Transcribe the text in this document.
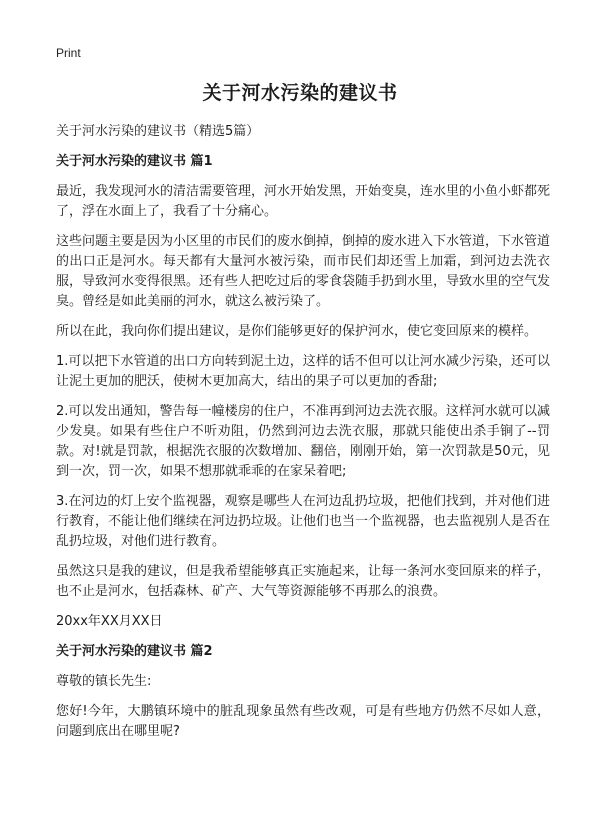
Print
关于河水污染的建议书
关于河水污染的建议书（精选5篇）
关于河水污染的建议书 篇1

最近，我发现河水的清洁需要管理，河水开始发黑，开始变臭，连水里的小鱼小虾都死了，浮在水面上了，我看了十分痛心。

这些问题主要是因为小区里的市民们的废水倒掉，倒掉的废水进入下水管道，下水管道的出口正是河水。每天都有大量河水被污染，而市民们却还雪上加霜，到河边去洗衣服，导致河水变得很黑。还有些人把吃过后的零食袋随手扔到水里，导致水里的空气发臭。曾经是如此美丽的河水，就这么被污染了。

所以在此，我向你们提出建议，是你们能够更好的保护河水，使它变回原来的模样。

1.可以把下水管道的出口方向转到泥土边，这样的话不但可以让河水减少污染，还可以让泥土更加的肥沃，使树木更加高大，结出的果子可以更加的香甜;

2.可以发出通知，警告每一幢楼房的住户，不准再到河边去洗衣服。这样河水就可以减少发臭。如果有些住户不听劝阻，仍然到河边去洗衣服，那就只能使出杀手锏了--罚款。对!就是罚款，根据洗衣服的次数增加、翻倍，刚刚开始，第一次罚款是50元，见到一次，罚一次，如果不想那就乖乖的在家呆着吧;

3.在河边的灯上安个监视器，观察是哪些人在河边乱扔垃圾，把他们找到，并对他们进行教育，不能让他们继续在河边扔垃圾。让他们也当一个监视器，也去监视别人是否在乱扔垃圾，对他们进行教育。

虽然这只是我的建议，但是我希望能够真正实施起来，让每一条河水变回原来的样子，也不止是河水，包括森林、矿产、大气等资源能够不再那么的浪费。

20xx年XX月XX日
关于河水污染的建议书 篇2

尊敬的镇长先生:

您好!今年，大鹏镇环境中的脏乱现象虽然有些改观，可是有些地方仍然不尽如人意，问题到底出在哪里呢?
